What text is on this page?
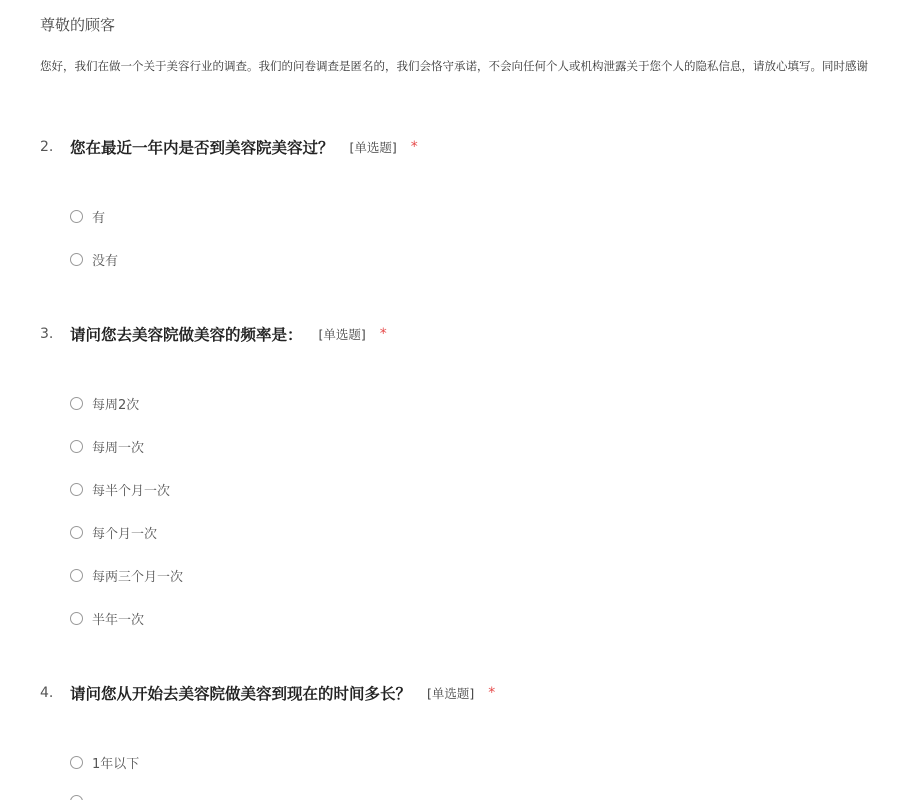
尊敬的顾客
您好，我们在做一个关于美容行业的调查。我们的问卷调查是匿名的，我们会恪守承诺，不会向任何个人或机构泄露关于您个人的隐私信息，请放心填写。同时感谢
2.	您在最近一年内是否到美容院美容过？ [单选题] *
有
没有
3.	请问您去美容院做美容的频率是： [单选题] *
每周2次
每周一次
每半个月一次
每个月一次
每两三个月一次
半年一次
4.	请问您从开始去美容院做美容到现在的时间多长？ [单选题] *
1年以下
